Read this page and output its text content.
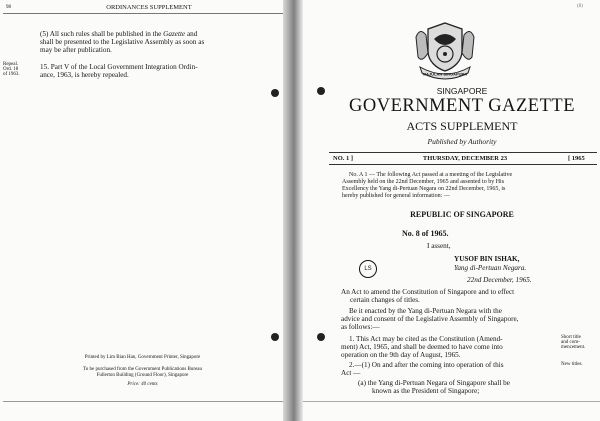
98	ORDINANCES SUPPLEMENT
(5) All such rules shall be published in the Gazette and
shall be presented to the Legislative Assembly as soon as
may be after publication.
Repeal.
Ord. 18
of 1963.
15. Part V of the Local Government Integration Ordin-
ance, 1963, is hereby repealed.
Printed by Lim Bian Han, Government Printer, Singapore
To be purchased from the Government Publications Bureau
Fullerton Building (Ground Floor), Singapore
Price: 40 cents
(8)
MAJULAH SINGAPURA
SINGAPORE
GOVERNMENT GAZETTE
ACTS SUPPLEMENT
Published by Authority
NO. 1 ]	THURSDAY, DECEMBER 23	[ 1965
No. A 1 — The following Act passed at a meeting of the Legislative
Assembly held on the 22nd December, 1965 and assented to by His
Excellency the Yang di-Pertuan Negara on 22nd December, 1965, is
hereby published for general information: —
REPUBLIC OF SINGAPORE
No. 8 of 1965.
I assent,
LS
YUSOF BIN ISHAK,
Yang di-Pertuan Negara.
22nd December, 1965.
An Act to amend the Constitution of Singapore and to effect
certain changes of titles.
Be it enacted by the Yang di-Pertuan Negara with the
advice and consent of the Legislative Assembly of Singapore,
as follows:—
1. This Act may be cited as the Constitution (Amend-
ment) Act, 1965, and shall be deemed to have come into
operation on the 9th day of August, 1965.
Short title
and com-
mencement.
2.—(1) On and after the coming into operation of this
Act —
New titles.
(a) the Yang di-Pertuan Negara of Singapore shall be
known as the President of Singapore;
